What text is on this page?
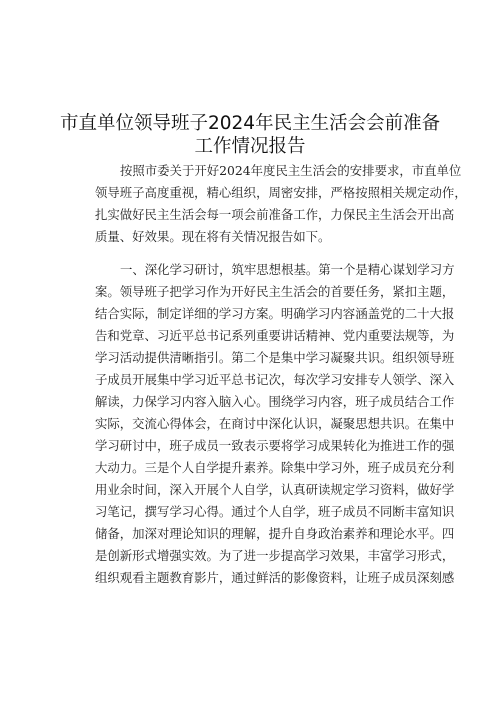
市直单位领导班子2024年民主生活会会前准备
工作情况报告
按照市委关于开好2024年度民主生活会的安排要求，市直单位
领导班子高度重视，精心组织，周密安排，严格按照相关规定动作，
扎实做好民主生活会每一项会前准备工作，力保民主生活会开出高
质量、好效果。现在将有关情况报告如下。
一、深化学习研讨，筑牢思想根基。第一个是精心谋划学习方
案。领导班子把学习作为开好民主生活会的首要任务，紧扣主题，
结合实际，制定详细的学习方案。明确学习内容涵盖党的二十大报
告和党章、习近平总书记系列重要讲话精神、党内重要法规等，为
学习活动提供清晰指引。第二个是集中学习凝聚共识。组织领导班
子成员开展集中学习近平总书记次，每次学习安排专人领学、深入
解读，力保学习内容入脑入心。围绕学习内容，班子成员结合工作
实际，交流心得体会，在商讨中深化认识，凝聚思想共识。在集中
学习研讨中，班子成员一致表示要将学习成果转化为推进工作的强
大动力。三是个人自学提升素养。除集中学习外，班子成员充分利
用业余时间，深入开展个人自学，认真研读规定学习资料，做好学
习笔记，撰写学习心得。通过个人自学，班子成员不同断丰富知识
储备，加深对理论知识的理解，提升自身政治素养和理论水平。四
是创新形式增强实效。为了进一步提高学习效果，丰富学习形式，
组织观看主题教育影片，通过鲜活的影像资料，让班子成员深刻感
